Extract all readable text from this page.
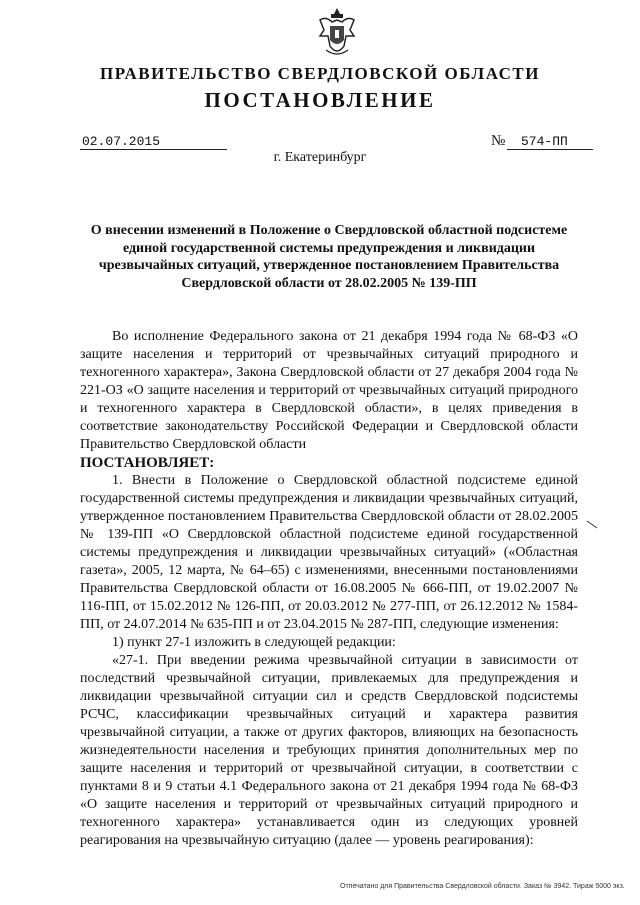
ПРАВИТЕЛЬСТВО СВЕРДЛОВСКОЙ ОБЛАСТИ
ПОСТАНОВЛЕНИЕ
02.07.2015	№	574-ПП
г. Екатеринбург
О внесении изменений в Положение о Свердловской областной подсистеме единой государственной системы предупреждения и ликвидации чрезвычайных ситуаций, утвержденное постановлением Правительства Свердловской области от 28.02.2005 № 139-ПП

Во исполнение Федерального закона от 21 декабря 1994 года № 68-ФЗ «О защите населения и территорий от чрезвычайных ситуаций природного и техногенного характера», Закона Свердловской области от 27 декабря 2004 года № 221-ОЗ «О защите населения и территорий от чрезвычайных ситуаций природного и техногенного характера в Свердловской области», в целях приведения в соответствие законодательству Российской Федерации и Свердловской области Правительство Свердловской области

ПОСТАНОВЛЯЕТ:

1. Внести в Положение о Свердловской областной подсистеме единой государственной системы предупреждения и ликвидации чрезвычайных ситуаций, утвержденное постановлением Правительства Свердловской области от 28.02.2005 № 139-ПП «О Свердловской областной подсистеме единой государственной системы предупреждения и ликвидации чрезвычайных ситуаций» («Областная газета», 2005, 12 марта, № 64–65) с изменениями, внесенными постановлениями Правительства Свердловской области от 16.08.2005 № 666-ПП, от 19.02.2007 № 116-ПП, от 15.02.2012 № 126-ПП, от 20.03.2012 № 277-ПП, от 26.12.2012 № 1584-ПП, от 24.07.2014 № 635-ПП и от 23.04.2015 № 287-ПП, следующие изменения:

1) пункт 27-1 изложить в следующей редакции:

«27-1. При введении режима чрезвычайной ситуации в зависимости от последствий чрезвычайной ситуации, привлекаемых для предупреждения и ликвидации чрезвычайной ситуации сил и средств Свердловской подсистемы РСЧС, классификации чрезвычайных ситуаций и характера развития чрезвычайной ситуации, а также от других факторов, влияющих на безопасность жизнедеятельности населения и требующих принятия дополнительных мер по защите населения и территорий от чрезвычайной ситуации, в соответствии с пунктами 8 и 9 статьи 4.1 Федерального закона от 21 декабря 1994 года № 68-ФЗ «О защите населения и территорий от чрезвычайных ситуаций природного и техногенного характера» устанавливается один из следующих уровней реагирования на чрезвычайную ситуацию (далее — уровень реагирования):

Отпечатано для Правительства Свердловской области. Заказ № 3942. Тираж 5000 экз.
